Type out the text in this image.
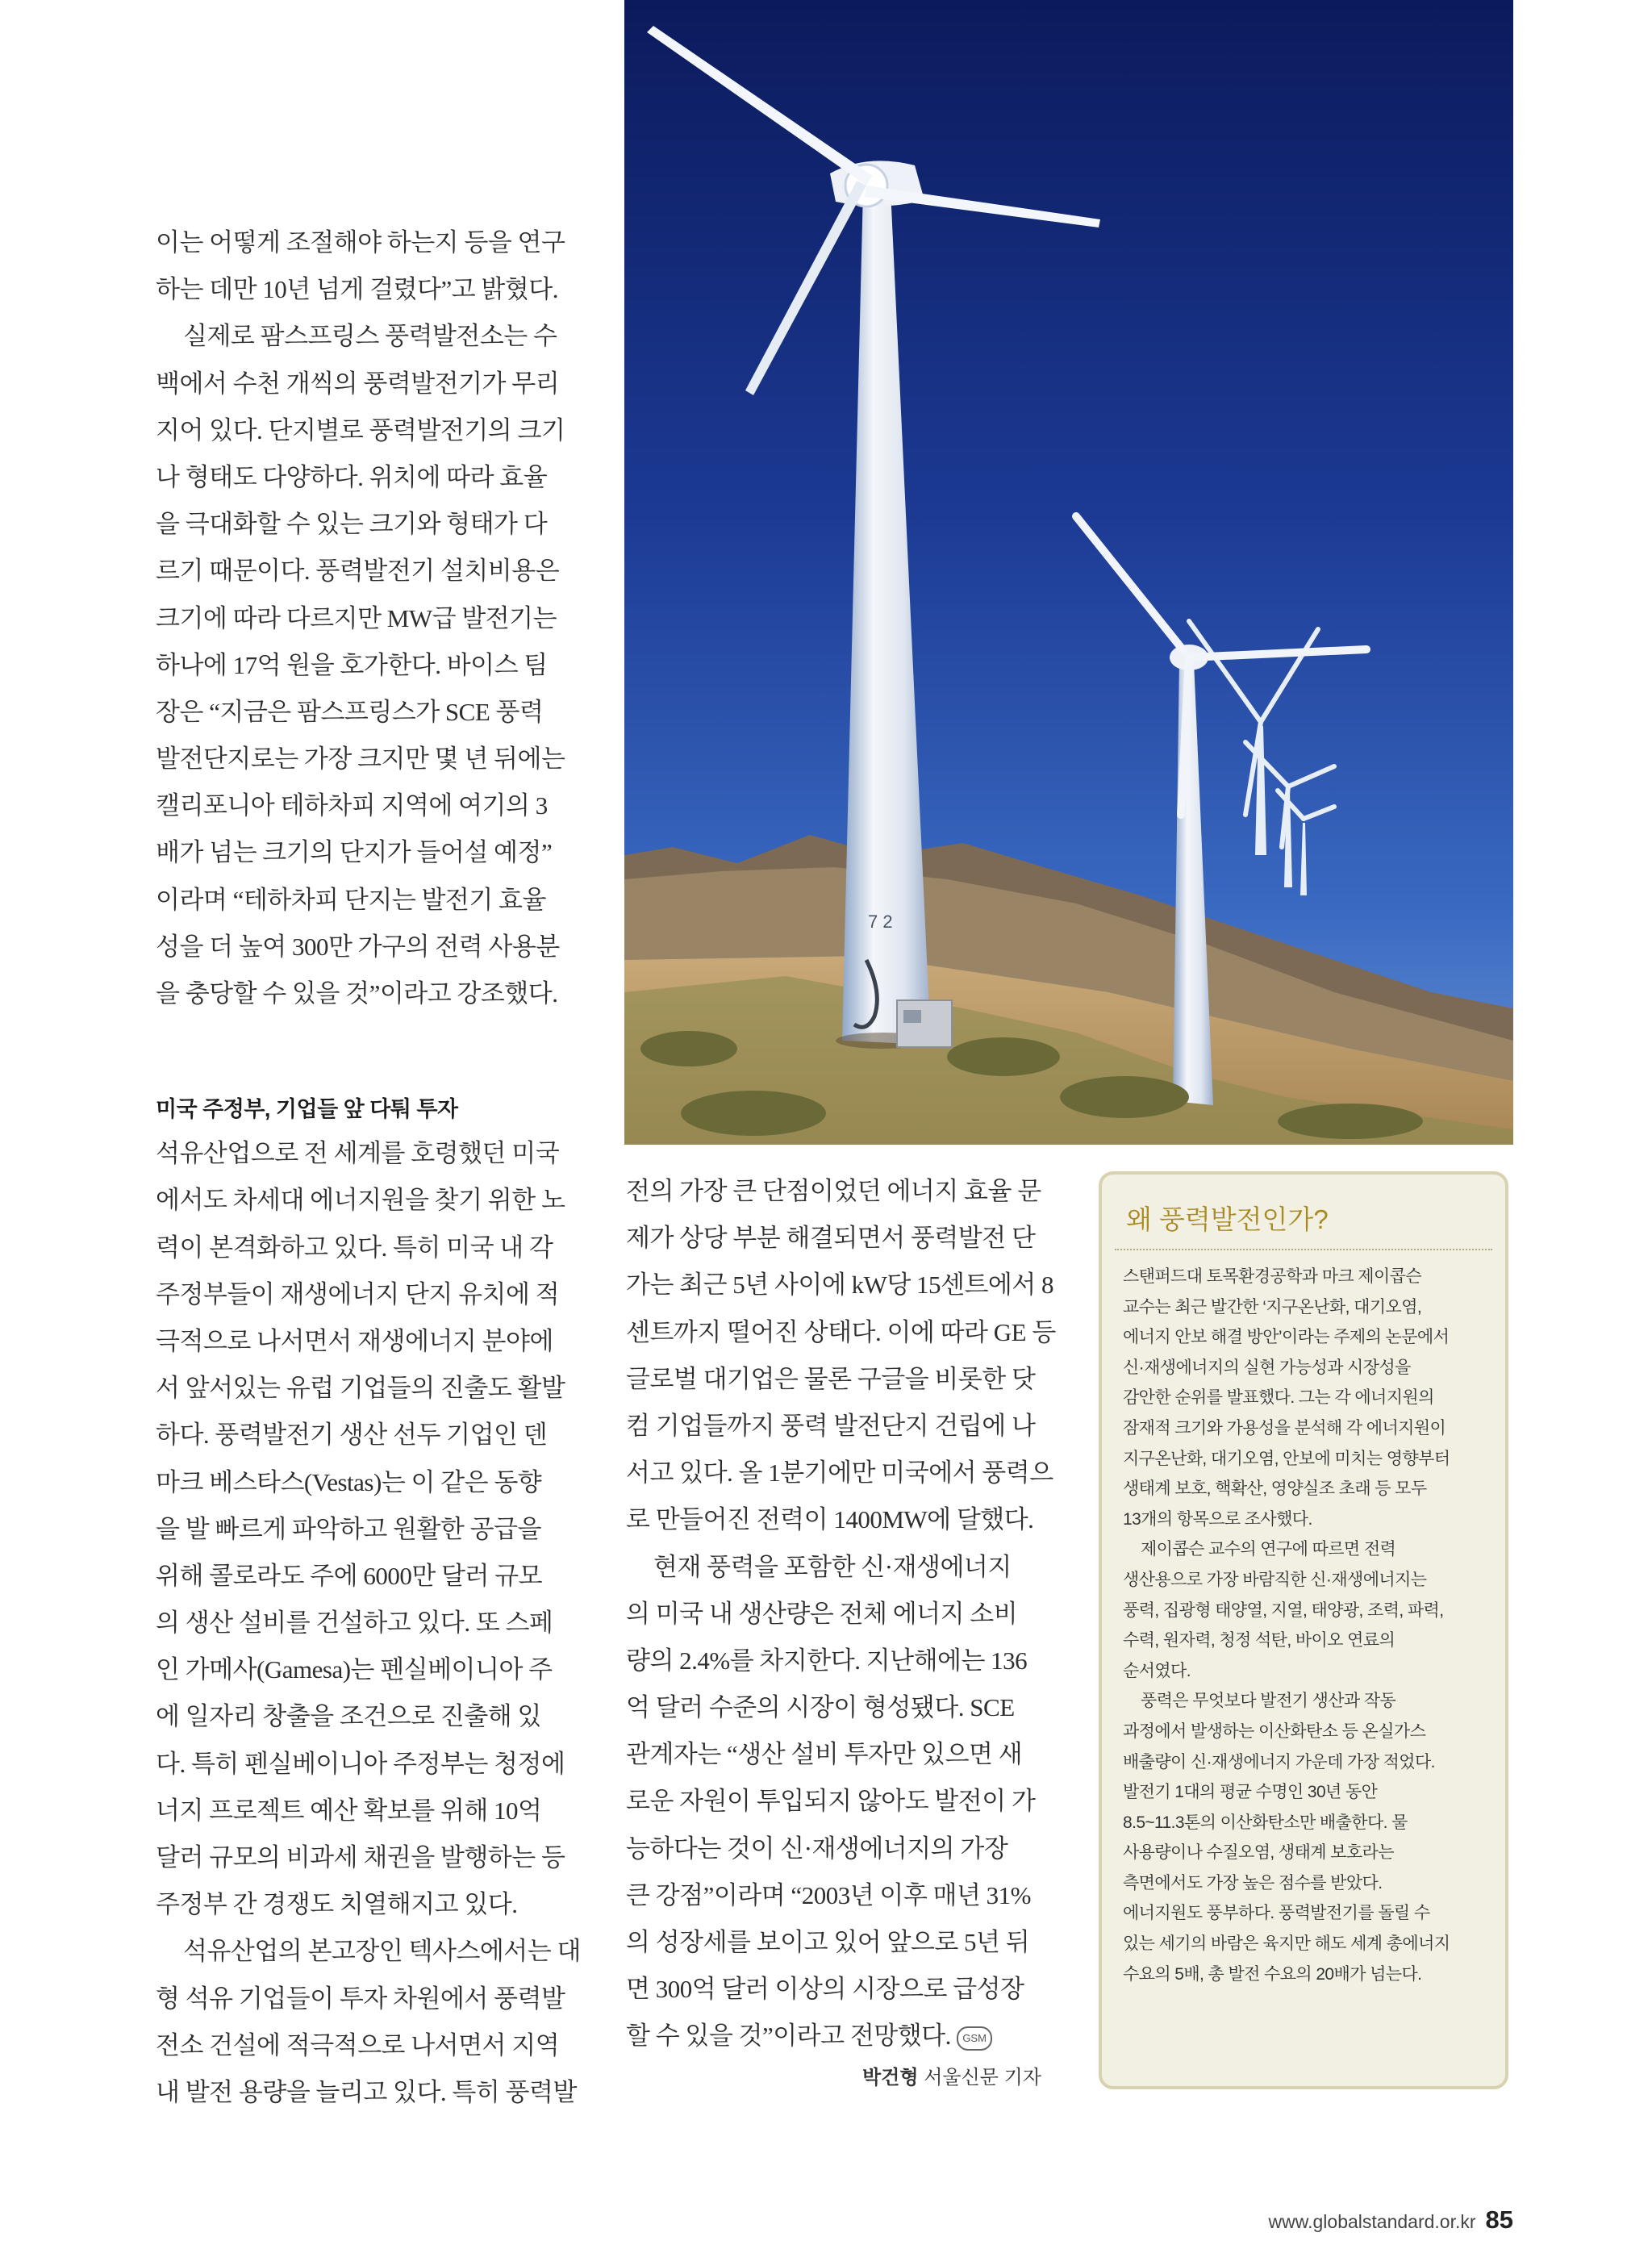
이는 어떻게 조절해야 하는지 등을 연구
하는 데만 10년 넘게 걸렸다”고 밝혔다.
실제로 팜스프링스 풍력발전소는 수
백에서 수천 개씩의 풍력발전기가 무리
지어 있다. 단지별로 풍력발전기의 크기
나 형태도 다양하다. 위치에 따라 효율
을 극대화할 수 있는 크기와 형태가 다
르기 때문이다. 풍력발전기 설치비용은
크기에 따라 다르지만 MW급 발전기는
하나에 17억 원을 호가한다. 바이스 팀
장은 “지금은 팜스프링스가 SCE 풍력
발전단지로는 가장 크지만 몇 년 뒤에는
캘리포니아 테하차피 지역에 여기의 3
배가 넘는 크기의 단지가 들어설 예정”
이라며 “테하차피 단지는 발전기 효율
성을 더 높여 300만 가구의 전력 사용분
을 충당할 수 있을 것”이라고 강조했다.
미국 주정부, 기업들 앞 다퉈 투자
석유산업으로 전 세계를 호령했던 미국
에서도 차세대 에너지원을 찾기 위한 노
력이 본격화하고 있다. 특히 미국 내 각
주정부들이 재생에너지 단지 유치에 적
극적으로 나서면서 재생에너지 분야에
서 앞서있는 유럽 기업들의 진출도 활발
하다. 풍력발전기 생산 선두 기업인 덴
마크 베스타스(Vestas)는 이 같은 동향
을 발 빠르게 파악하고 원활한 공급을
위해 콜로라도 주에 6000만 달러 규모
의 생산 설비를 건설하고 있다. 또 스페
인 가메사(Gamesa)는 펜실베이니아 주
에 일자리 창출을 조건으로 진출해 있
다. 특히 펜실베이니아 주정부는 청정에
너지 프로젝트 예산 확보를 위해 10억
달러 규모의 비과세 채권을 발행하는 등
주정부 간 경쟁도 치열해지고 있다.
석유산업의 본고장인 텍사스에서는 대
형 석유 기업들이 투자 차원에서 풍력발
전소 건설에 적극적으로 나서면서 지역
내 발전 용량을 늘리고 있다. 특히 풍력발
7 2
전의 가장 큰 단점이었던 에너지 효율 문
제가 상당 부분 해결되면서 풍력발전 단
가는 최근 5년 사이에 kW당 15센트에서 8
센트까지 떨어진 상태다. 이에 따라 GE 등
글로벌 대기업은 물론 구글을 비롯한 닷
컴 기업들까지 풍력 발전단지 건립에 나
서고 있다. 올 1분기에만 미국에서 풍력으
로 만들어진 전력이 1400MW에 달했다.
현재 풍력을 포함한 신·재생에너지
의 미국 내 생산량은 전체 에너지 소비
량의 2.4%를 차지한다. 지난해에는 136
억 달러 수준의 시장이 형성됐다. SCE
관계자는 “생산 설비 투자만 있으면 새
로운 자원이 투입되지 않아도 발전이 가
능하다는 것이 신·재생에너지의 가장
큰 강점”이라며 “2003년 이후 매년 31%
의 성장세를 보이고 있어 앞으로 5년 뒤
면 300억 달러 이상의 시장으로 급성장
할 수 있을 것”이라고 전망했다. GSM
박건형 서울신문 기자
왜 풍력발전인가?
스탠퍼드대 토목환경공학과 마크 제이콥슨
교수는 최근 발간한 ‘지구온난화, 대기오염,
에너지 안보 해결 방안’이라는 주제의 논문에서
신·재생에너지의 실현 가능성과 시장성을
감안한 순위를 발표했다. 그는 각 에너지원의
잠재적 크기와 가용성을 분석해 각 에너지원이
지구온난화, 대기오염, 안보에 미치는 영향부터
생태계 보호, 핵확산, 영양실조 초래 등 모두
13개의 항목으로 조사했다.
제이콥슨 교수의 연구에 따르면 전력
생산용으로 가장 바람직한 신·재생에너지는
풍력, 집광형 태양열, 지열, 태양광, 조력, 파력,
수력, 원자력, 청정 석탄, 바이오 연료의
순서였다.
풍력은 무엇보다 발전기 생산과 작동
과정에서 발생하는 이산화탄소 등 온실가스
배출량이 신·재생에너지 가운데 가장 적었다.
발전기 1대의 평균 수명인 30년 동안
8.5~11.3톤의 이산화탄소만 배출한다. 물
사용량이나 수질오염, 생태계 보호라는
측면에서도 가장 높은 점수를 받았다.
에너지원도 풍부하다. 풍력발전기를 돌릴 수
있는 세기의 바람은 육지만 해도 세계 총에너지
수요의 5배, 총 발전 수요의 20배가 넘는다.
www.globalstandard.or.kr 85
